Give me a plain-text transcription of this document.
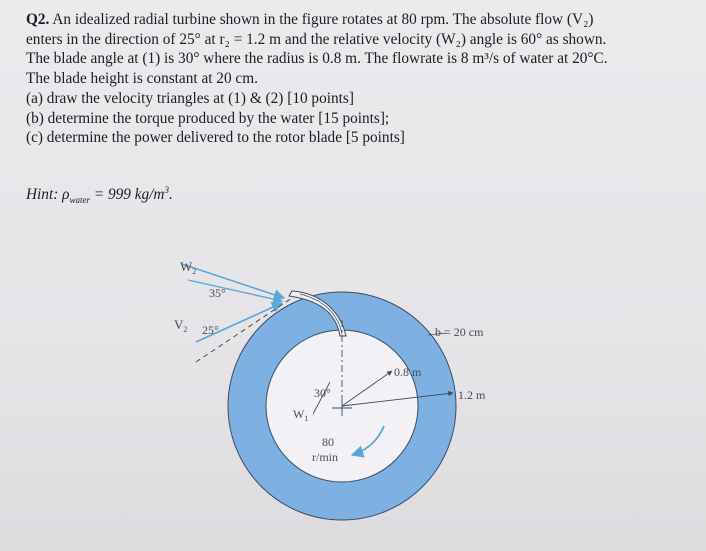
Q2. An idealized radial turbine shown in the figure rotates at 80 rpm. The absolute flow (V₂)
enters in the direction of 25° at r₂ = 1.2 m and the relative velocity (W₂) angle is 60° as shown.
The blade angle at (1) is 30° where the radius is 0.8 m. The flowrate is 8 m³/s of water at 20°C.
The blade height is constant at 20 cm.
(a) draw the velocity triangles at (1) & (2) [10 points]
(b) determine the torque produced by the water [15 points];
(c) determine the power delivered to the rotor blade [5 points]
Hint: $\rho_{water} = 999$ $kg/m^3$.
$W_2$
35°
$V_2$ 25°	b = 20 cm
0.8 m
1.2 m
30°
$W_1$
80
r/min
